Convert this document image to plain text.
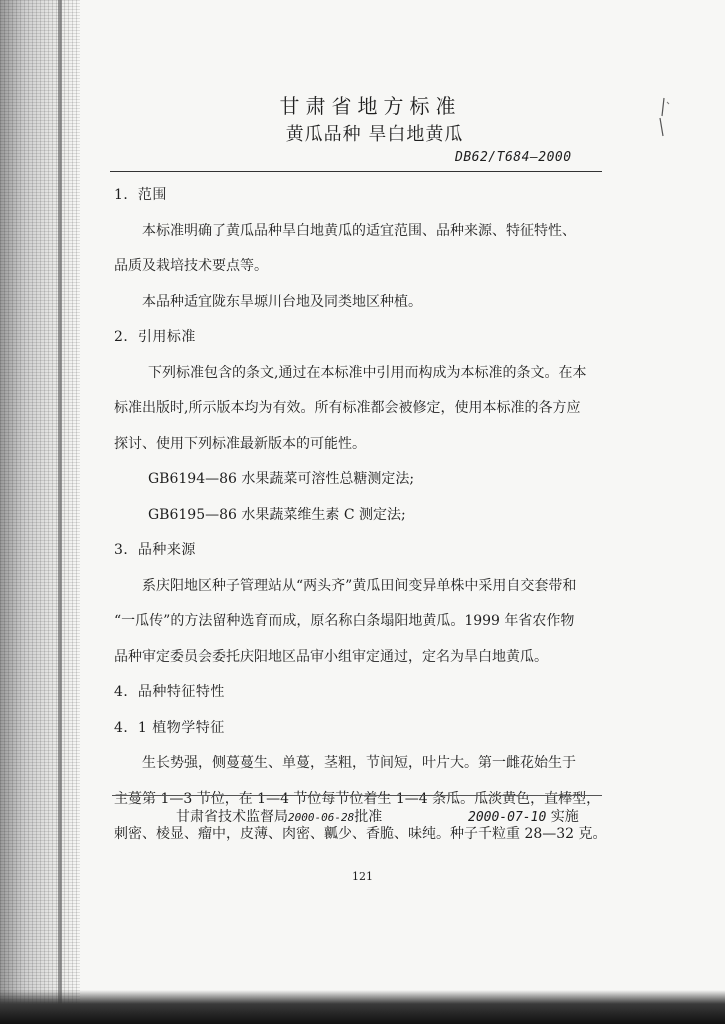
甘肃省地方标准
黄瓜品种 旱白地黄瓜
DB62/T684—2000
1．范围
本标准明确了黄瓜品种旱白地黄瓜的适宜范围、品种来源、特征特性、
品质及栽培技术要点等。
本品种适宜陇东旱塬川台地及同类地区种植。
2．引用标准
下列标准包含的条文,通过在本标准中引用而构成为本标准的条文。在本
标准出版时,所示版本均为有效。所有标准都会被修定，使用本标准的各方应
探讨、使用下列标准最新版本的可能性。
GB6194—86 水果蔬菜可溶性总糖测定法;
GB6195—86 水果蔬菜维生素 C 测定法;
3．品种来源
系庆阳地区种子管理站从“两头齐”黄瓜田间变异单株中采用自交套带和
“一瓜传”的方法留种选育而成，原名称白条塌阳地黄瓜。1999 年省农作物
品种审定委员会委托庆阳地区品审小组审定通过，定名为旱白地黄瓜。
4．品种特征特性
4．1 植物学特征
生长势强，侧蔓蔓生、单蔓，茎粗，节间短，叶片大。第一雌花始生于
主蔓第 1—3 节位，在 1—4 节位每节位着生 1—4 条瓜。瓜淡黄色，直棒型，
刺密、棱显、瘤中，皮薄、肉密、瓤少、香脆、味纯。种子千粒重 28—32 克。
甘肃省技术监督局2000-06-28批准	2000-07-10 实施
121
